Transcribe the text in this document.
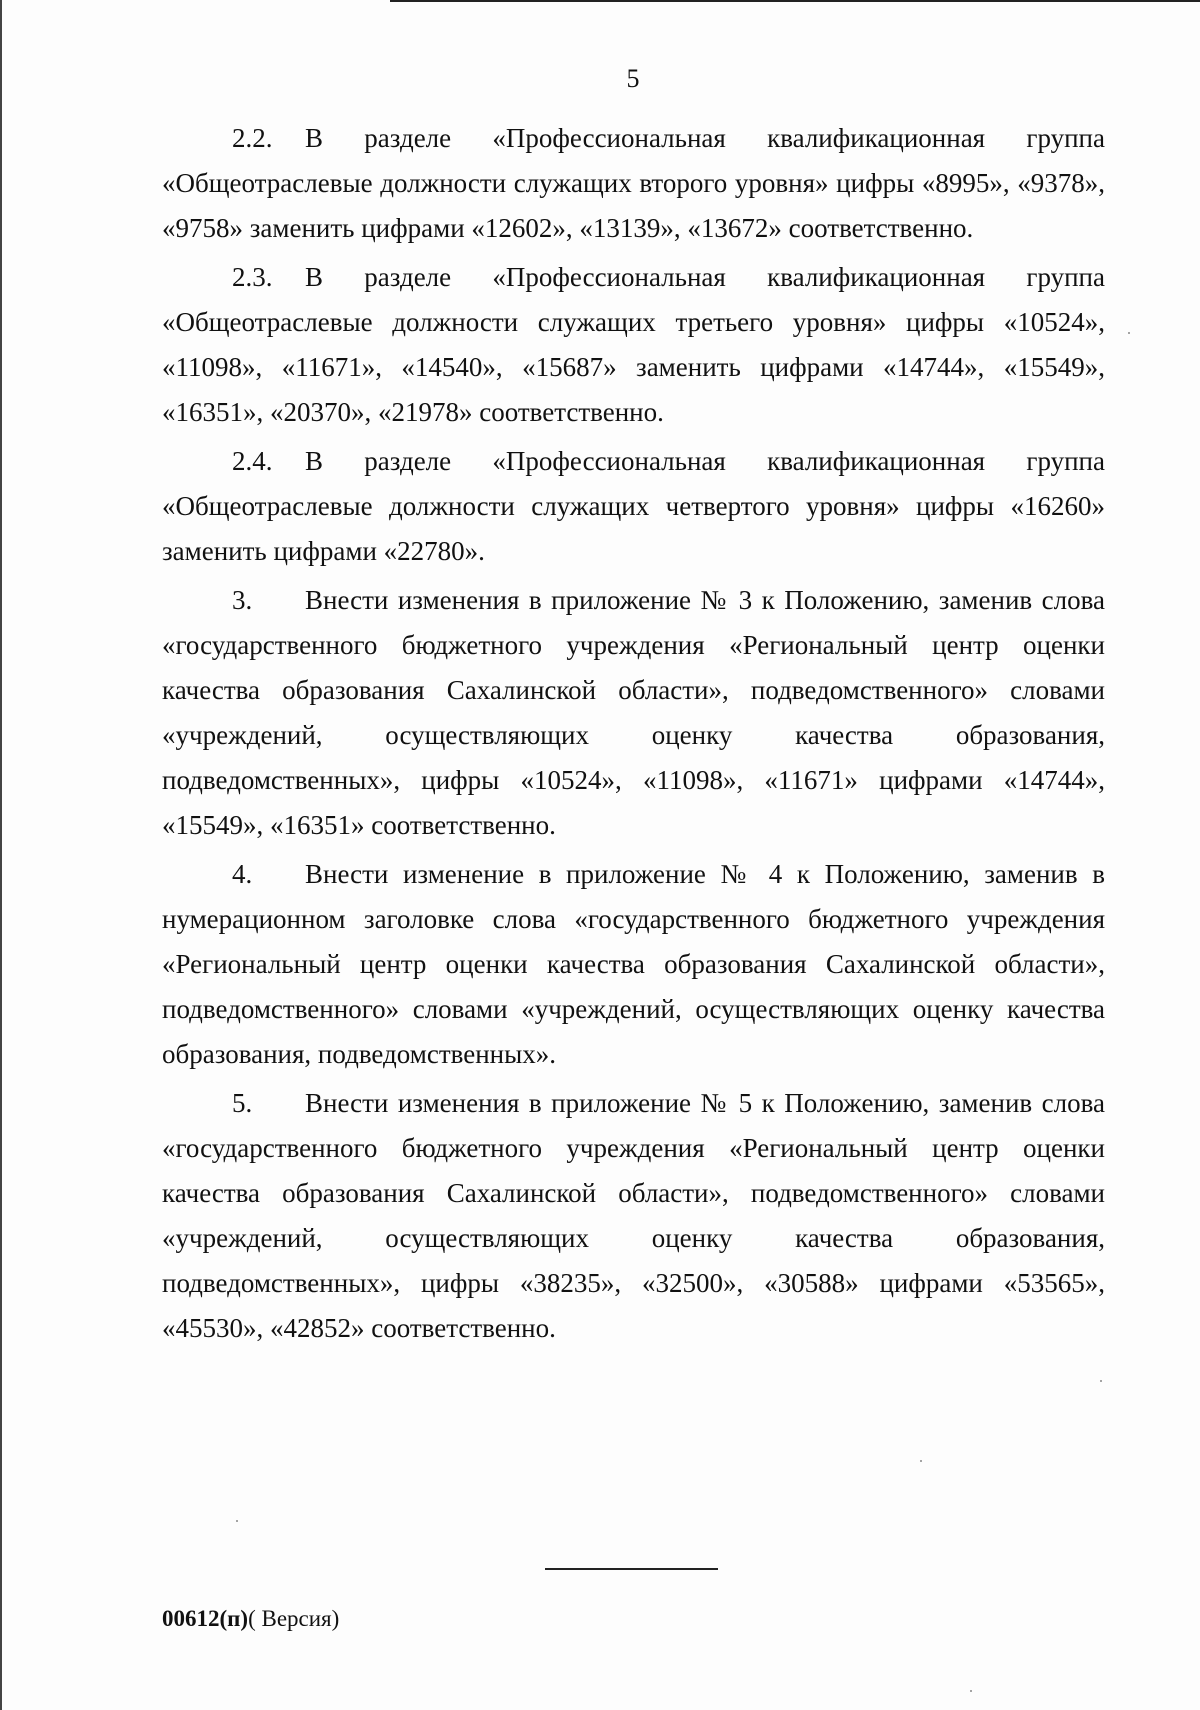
5

2.2. В разделе «Профессиональная квалификационная группа «Общеотраслевые должности служащих второго уровня» цифры «8995», «9378», «9758» заменить цифрами «12602», «13139», «13672» соответственно.

2.3. В разделе «Профессиональная квалификационная группа «Общеотраслевые должности служащих третьего уровня» цифры «10524», «11098», «11671», «14540», «15687» заменить цифрами «14744», «15549», «16351», «20370», «21978» соответственно.

2.4. В разделе «Профессиональная квалификационная группа «Общеотраслевые должности служащих четвертого уровня» цифры «16260» заменить цифрами «22780».

3. Внести изменения в приложение № 3 к Положению, заменив слова «государственного бюджетного учреждения «Региональный центр оценки качества образования Сахалинской области», подведомственного» словами «учреждений, осуществляющих оценку качества образования, подведомственных», цифры «10524», «11098», «11671» цифрами «14744», «15549», «16351» соответственно.

4. Внести изменение в приложение № 4 к Положению, заменив в нумерационном заголовке слова «государственного бюджетного учреждения «Региональный центр оценки качества образования Сахалинской области», подведомственного» словами «учреждений, осуществляющих оценку качества образования, подведомственных».

5. Внести изменения в приложение № 5 к Положению, заменив слова «государственного бюджетного учреждения «Региональный центр оценки качества образования Сахалинской области», подведомственного» словами «учреждений, осуществляющих оценку качества образования, подведомственных», цифры «38235», «32500», «30588» цифрами «53565», «45530», «42852» соответственно.

00612(п)( Версия)
